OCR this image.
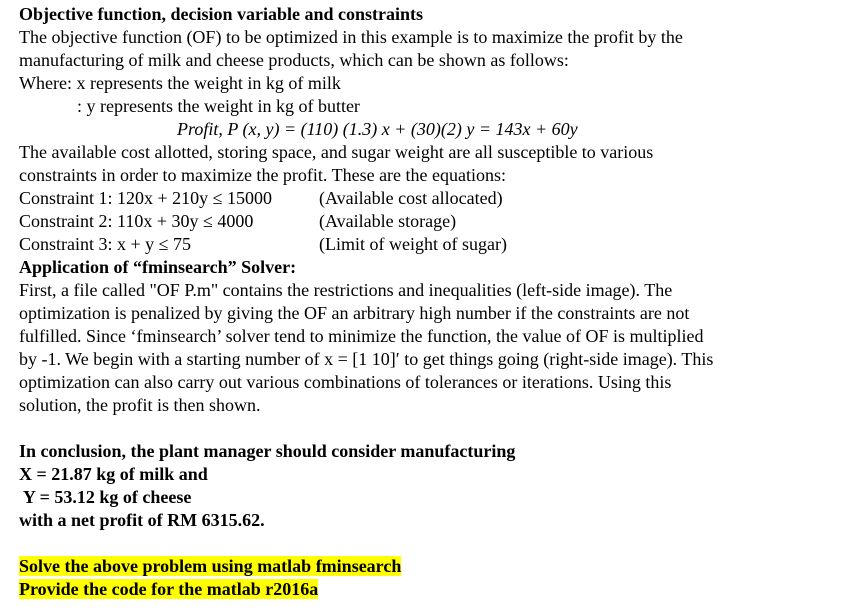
Objective function, decision variable and constraints
The objective function (OF) to be optimized in this example is to maximize the profit by the
manufacturing of milk and cheese products, which can be shown as follows:
Where: x represents the weight in kg of milk
: y represents the weight in kg of butter
Profit, P (x, y) = (110) (1.3) x + (30)(2) y = 143x + 60y
The available cost allotted, storing space, and sugar weight are all susceptible to various
constraints in order to maximize the profit. These are the equations:
Constraint 1: 120x + 210y ≤ 15000	(Available cost allocated)
Constraint 2: 110x + 30y ≤ 4000	(Available storage)
Constraint 3: x + y ≤ 75	(Limit of weight of sugar)
Application of “fminsearch” Solver:
First, a file called "OF P.m" contains the restrictions and inequalities (left-side image). The
optimization is penalized by giving the OF an arbitrary high number if the constraints are not
fulfilled. Since ‘fminsearch’ solver tend to minimize the function, the value of OF is multiplied
by -1. We begin with a starting number of x = [1 10]′ to get things going (right-side image). This
optimization can also carry out various combinations of tolerances or iterations. Using this
solution, the profit is then shown.
In conclusion, the plant manager should consider manufacturing
X = 21.87 kg of milk and
Y = 53.12 kg of cheese
with a net profit of RM 6315.62.
Solve the above problem using matlab fminsearch
Provide the code for the matlab r2016a
